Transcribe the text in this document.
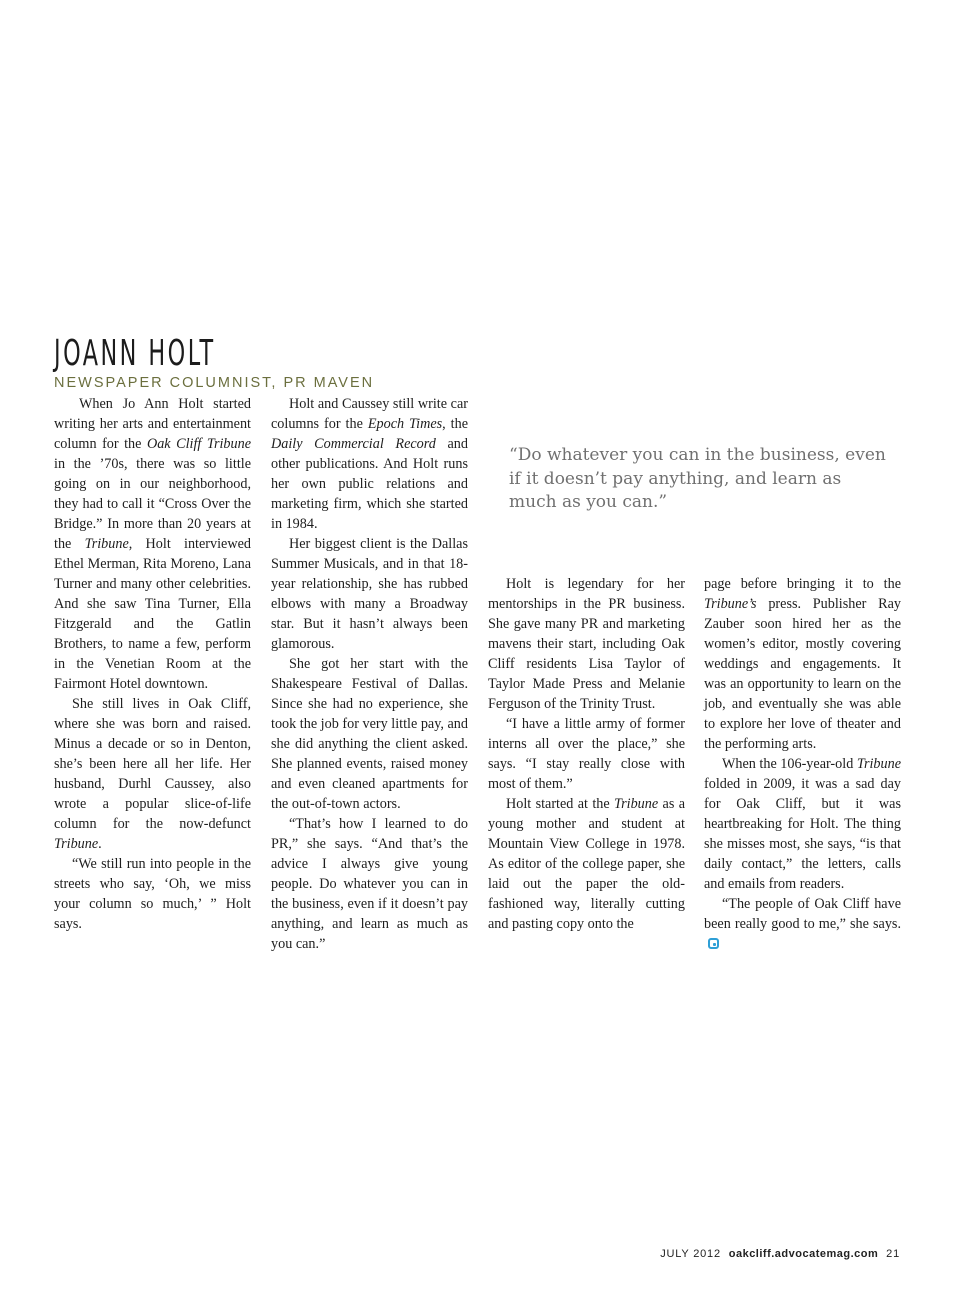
JOANN HOLT
NEWSPAPER COLUMNIST, PR MAVEN

When Jo Ann Holt started writing her arts and entertainment column for the Oak Cliff Tribune in the ’70s, there was so little going on in our neighborhood, they had to call it “Cross Over the Bridge.” In more than 20 years at the Tribune, Holt interviewed Ethel Merman, Rita Moreno, Lana Turner and many other celebrities. And she saw Tina Turner, Ella Fitzgerald and the Gatlin Brothers, to name a few, perform in the Venetian Room at the Fairmont Hotel downtown.

She still lives in Oak Cliff, where she was born and raised. Minus a decade or so in Denton, she’s been here all her life. Her husband, Durhl Caussey, also wrote a popular slice-of-life column for the now-defunct Tribune.

“We still run into people in the streets who say, ‘Oh, we miss your column so much,’ ” Holt says.

Holt and Caussey still write car columns for the Epoch Times, the Daily Commercial Record and other publications. And Holt runs her own public relations and marketing firm, which she started in 1984.

Her biggest client is the Dallas Summer Musicals, and in that 18-year relationship, she has rubbed elbows with many a Broadway star. But it hasn’t always been glamorous.

She got her start with the Shakespeare Festival of Dallas. Since she had no experience, she took the job for very little pay, and she did anything the client asked. She planned events, raised money and even cleaned apartments for the out-of-town actors.

“That’s how I learned to do PR,” she says. “And that’s the advice I always give young people. Do whatever you can in the business, even if it doesn’t pay anything, and learn as much as you can.”

“Do whatever you can in the business, even if it doesn’t pay anything, and learn as much as you can.”

Holt is legendary for her mentorships in the PR business. She gave many PR and marketing mavens their start, including Oak Cliff residents Lisa Taylor of Taylor Made Press and Melanie Ferguson of the Trinity Trust.

“I have a little army of former interns all over the place,” she says. “I stay really close with most of them.”

Holt started at the Tribune as a young mother and student at Mountain View College in 1978. As editor of the college paper, she laid out the paper the old-fashioned way, literally cutting and pasting copy onto the

page before bringing it to the Tribune’s press. Publisher Ray Zauber soon hired her as the women’s editor, mostly covering weddings and engagements. It was an opportunity to learn on the job, and eventually she was able to explore her love of theater and the performing arts.

When the 106-year-old Tribune folded in 2009, it was a sad day for Oak Cliff, but it was heartbreaking for Holt. The thing she misses most, she says, “is that daily contact,” the letters, calls and emails from readers.

“The people of Oak Cliff have been really good to me,” she says.

JULY 2012 oakcliff.advocatemag.com 21
